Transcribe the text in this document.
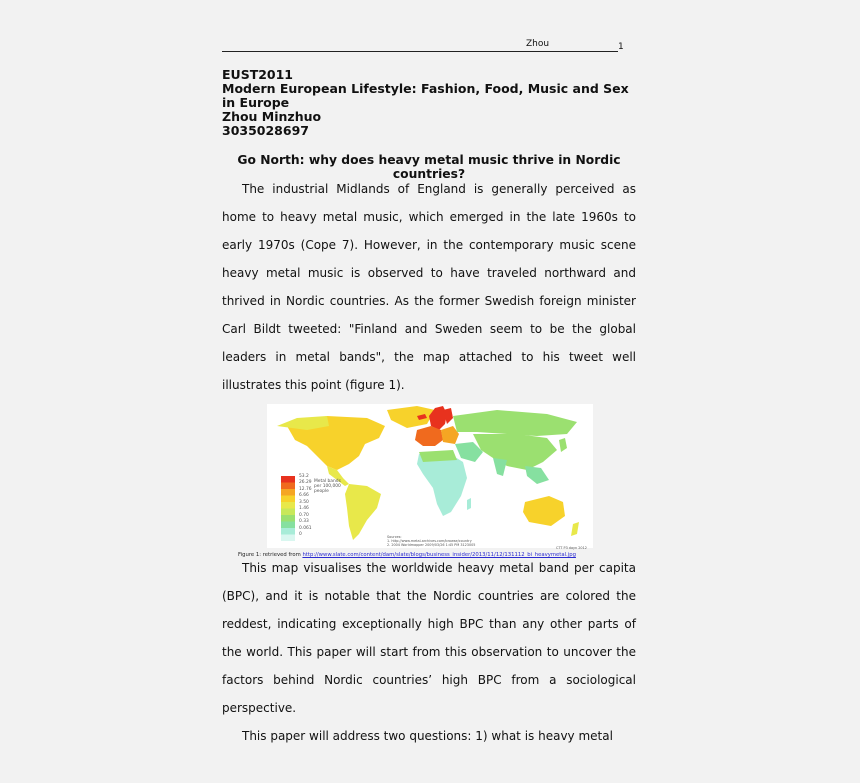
Zhou	1
EUST2011
Modern European Lifestyle: Fashion, Food, Music and Sex in Europe
Zhou Minzhuo
3035028697
Go North: why does heavy metal music thrive in Nordic countries?
The industrial Midlands of England is generally perceived as home to heavy metal music, which emerged in the late 1960s to early 1970s (Cope 7). However, in the contemporary music scene heavy metal music is observed to have traveled northward and thrived in Nordic countries. As the former Swedish foreign minister Carl Bildt tweeted: "Finland and Sweden seem to be the global leaders in metal bands", the map attached to his tweet well illustrates this point (figure 1).
53.2
26.29
12.76
6.66
3.50
1.46
0.70
0.33
0.061
0
Metal bands per 100,000 people
Sources:
1. http://www.metal-archives.com/browse/country
2. 2004 Worldmapper 2009/03/26 1:45 PM 3123005
CTT P3 dayn 2012
Figure 1: retrieved from http://www.slate.com/content/dam/slate/blogs/business_insider/2013/11/12/131112_bi_heavymetal.jpg
This map visualises the worldwide heavy metal band per capita (BPC), and it is notable that the Nordic countries are colored the reddest, indicating exceptionally high BPC than any other parts of the world. This paper will start from this observation to uncover the factors behind Nordic countries’ high BPC from a sociological perspective.
This paper will address two questions: 1) what is heavy metal
